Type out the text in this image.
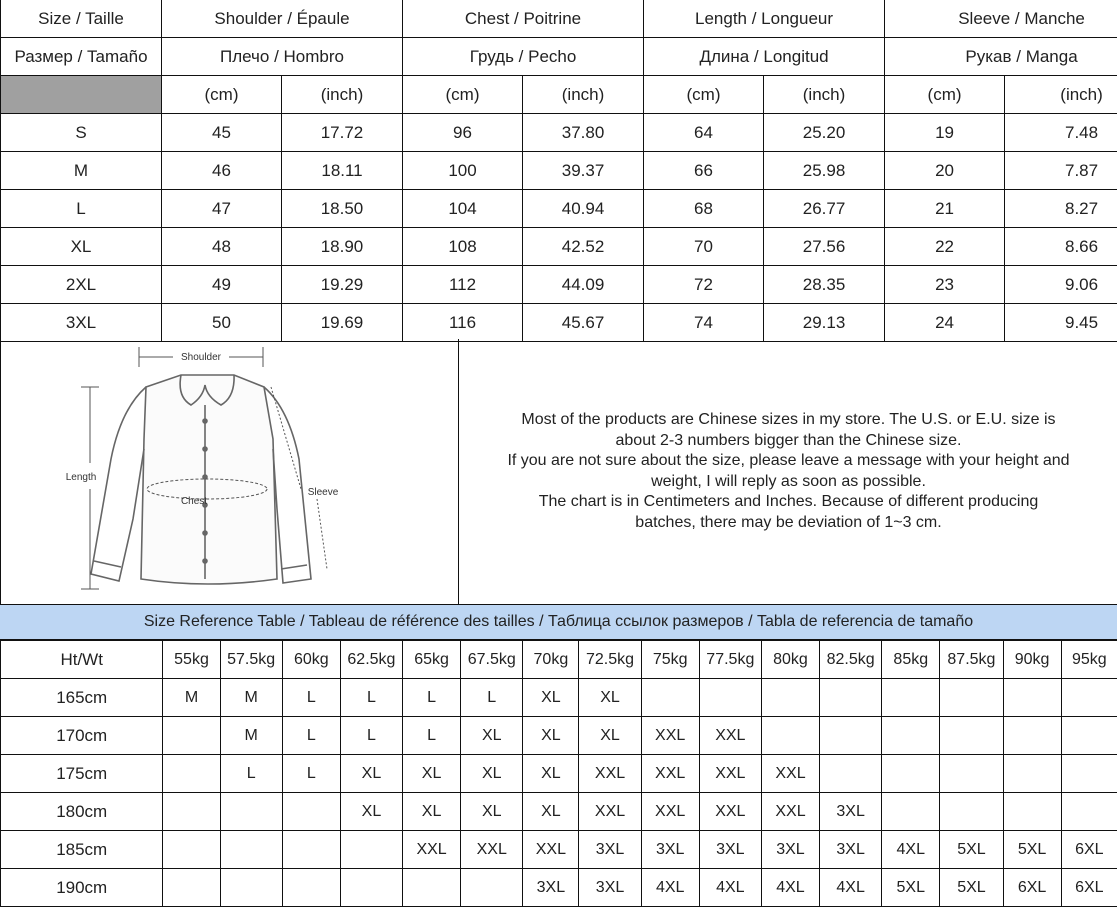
Size / Taille	Shoulder / Épaule		Chest / Poitrine		Length / Longueur		Sleeve / Manche	
Размер / Tamaño	Плечо / Hombro		Грудь / Pecho		Длина / Longitud		Рукав / Manga	
	(cm)	(inch)	(cm)	(inch)	(cm)	(inch)	(cm)	(inch)
S	45	17.72	96	37.80	64	25.20	19	7.48
M	46	18.11	100	39.37	66	25.98	20	7.87
L	47	18.50	104	40.94	68	26.77	21	8.27
XL	48	18.90	108	42.52	70	27.56	22	8.66
2XL	49	19.29	112	44.09	72	28.35	23	9.06
3XL	50	19.69	116	45.67	74	29.13	24	9.45
Shoulder
Length
Chest
Sleeve
Most of the products are Chinese sizes in my store. The U.S. or E.U. size is
about 2-3 numbers bigger than the Chinese size.
If you are not sure about the size, please leave a message with your height and
weight, I will reply as soon as possible.
The chart is in Centimeters and Inches. Because of different producing
batches, there may be deviation of 1~3 cm.
Size Reference Table / Tableau de référence des tailles / Таблица ссылок размеров / Tabla de referencia de tamaño
Ht/Wt	55kg	57.5kg	60kg	62.5kg	65kg	67.5kg	70kg	72.5kg	75kg	77.5kg	80kg	82.5kg	85kg	87.5kg	90kg	95kg
165cm	M	M	L	L	L	L	XL	XL								
170cm		M	L	L	L	XL	XL	XL	XXL	XXL						
175cm		L	L	XL	XL	XL	XL	XXL	XXL	XXL	XXL					
180cm				XL	XL	XL	XL	XXL	XXL	XXL	XXL	3XL				
185cm					XXL	XXL	XXL	3XL	3XL	3XL	3XL	3XL	4XL	5XL	5XL	6XL
190cm							3XL	3XL	4XL	4XL	4XL	4XL	5XL	5XL	6XL	6XL
